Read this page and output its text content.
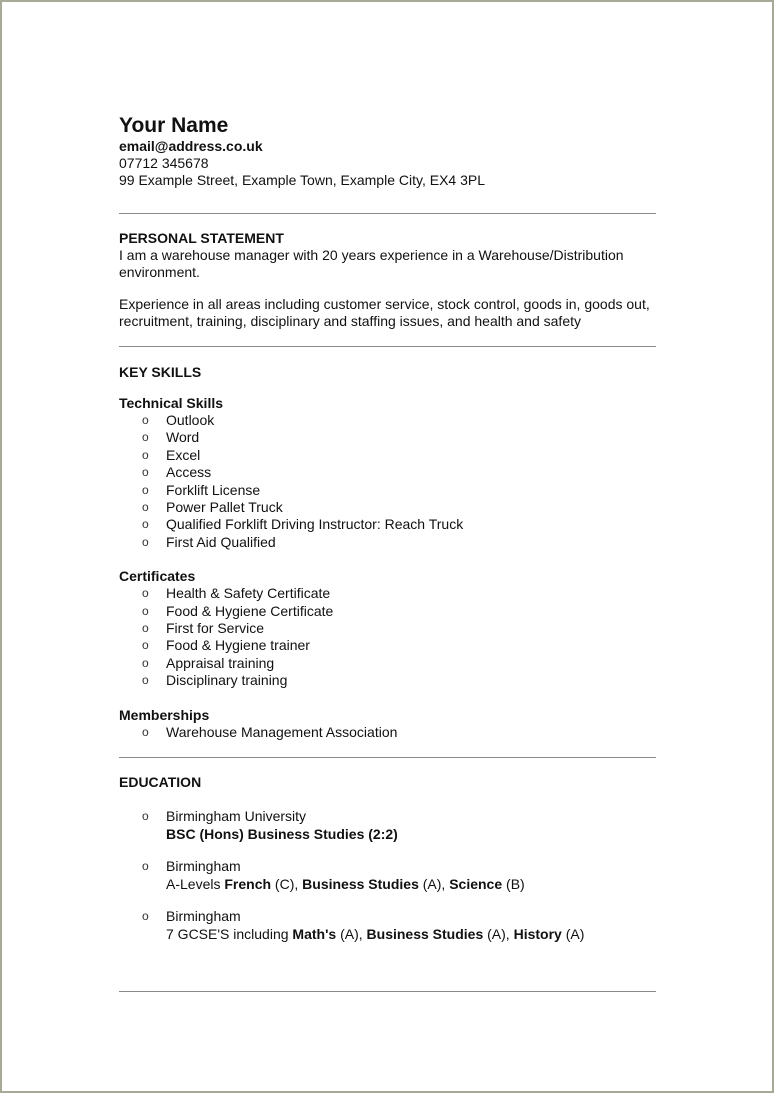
Your Name
email@address.co.uk
07712 345678
99 Example Street, Example Town, Example City, EX4 3PL
PERSONAL STATEMENT
I am a warehouse manager with 20 years experience in a Warehouse/Distribution environment.
Experience in all areas including customer service, stock control, goods in, goods out, recruitment, training, disciplinary and staffing issues, and health and safety
KEY SKILLS
Technical Skills
o Outlook
o Word
o Excel
o Access
o Forklift License
o Power Pallet Truck
o Qualified Forklift Driving Instructor: Reach Truck
o First Aid Qualified
Certificates
o Health & Safety Certificate
o Food & Hygiene Certificate
o First for Service
o Food & Hygiene trainer
o Appraisal training
o Disciplinary training
Memberships
o Warehouse Management Association
EDUCATION
o Birmingham University
BSC (Hons) Business Studies (2:2)
o Birmingham
A-Levels French (C), Business Studies (A), Science (B)
o Birmingham
7 GCSE'S including Math's (A), Business Studies (A), History (A)
